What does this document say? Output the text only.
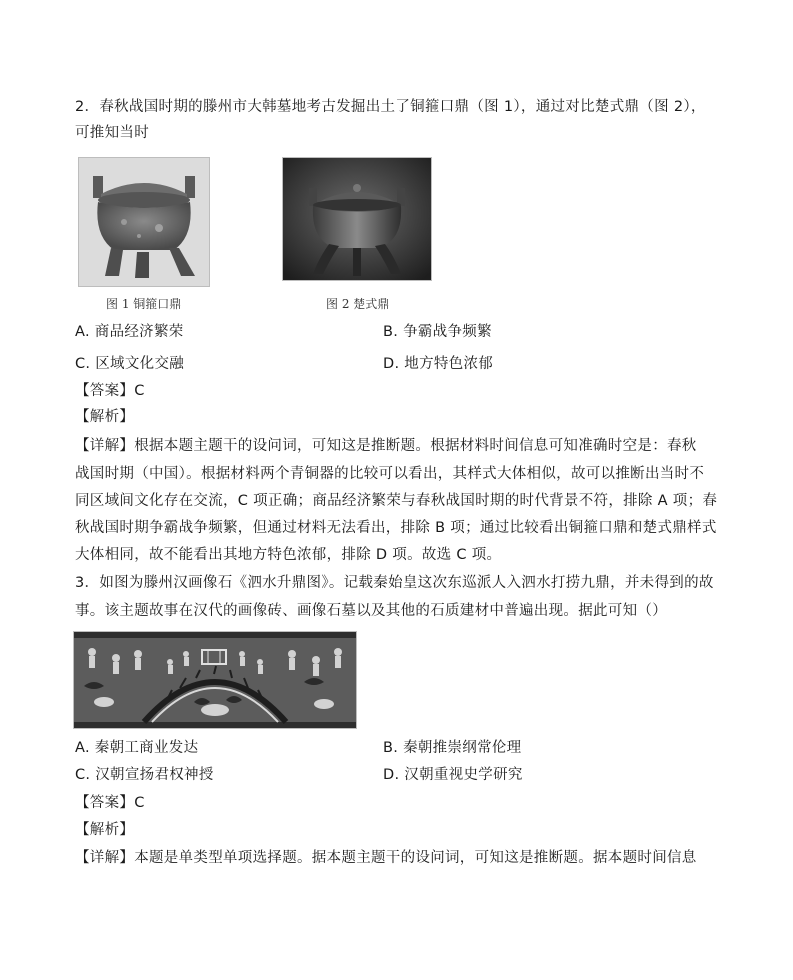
2．春秋战国时期的滕州市大韩墓地考古发掘出土了铜箍口鼎（图 1），通过对比楚式鼎（图 2），
可推知当时
图 1 铜箍口鼎	图 2 楚式鼎
A. 商品经济繁荣	B. 争霸战争频繁
C. 区域文化交融	D. 地方特色浓郁
【答案】C
【解析】
【详解】根据本题主题干的设问词，可知这是推断题。根据材料时间信息可知准确时空是：春秋
战国时期（中国）。根据材料两个青铜器的比较可以看出，其样式大体相似，故可以推断出当时不
同区域间文化存在交流，C 项正确；商品经济繁荣与春秋战国时期的时代背景不符，排除 A 项；春
秋战国时期争霸战争频繁，但通过材料无法看出，排除 B 项；通过比较看出铜箍口鼎和楚式鼎样式
大体相同，故不能看出其地方特色浓郁，排除 D 项。故选 C 项。
3．如图为滕州汉画像石《泗水升鼎图》。记载秦始皇这次东巡派人入泗水打捞九鼎，并未得到的故
事。该主题故事在汉代的画像砖、画像石墓以及其他的石质建材中普遍出现。据此可知（）
A. 秦朝工商业发达	B. 秦朝推崇纲常伦理
C. 汉朝宣扬君权神授	D. 汉朝重视史学研究
【答案】C
【解析】
【详解】本题是单类型单项选择题。据本题主题干的设问词，可知这是推断题。据本题时间信息
